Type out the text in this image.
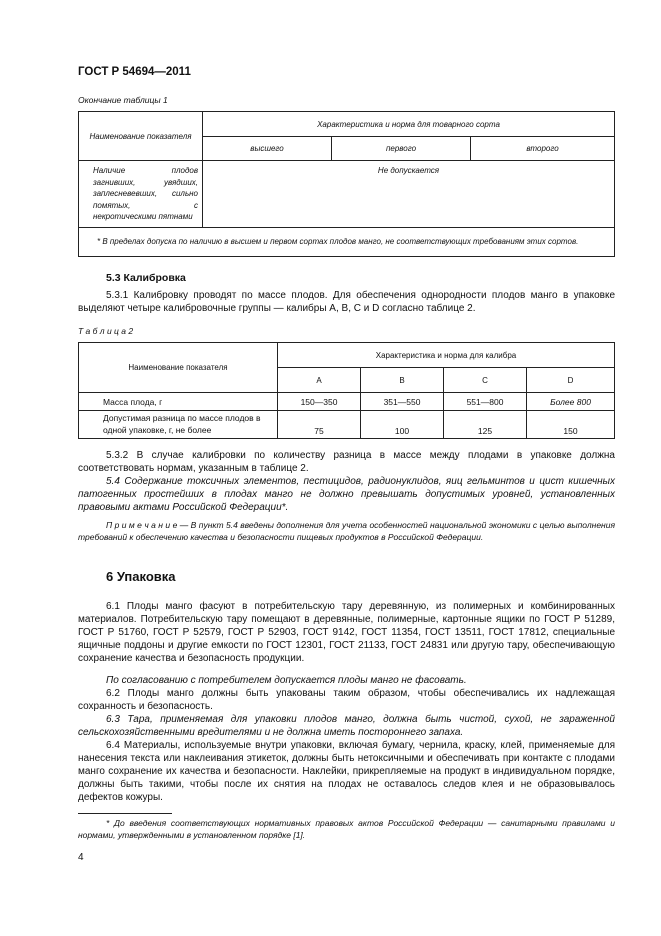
ГОСТ Р 54694—2011
Окончание таблицы 1
Наименование показателя	Характеристика и норма для товарного сорта		
	высшего	первого	второго
Наличие плодов загнивших, увядших, заплесневевших, сильно помятых, с некротическими пятнами	Не допускается		
* В пределах допуска по наличию в высшем и первом сортах плодов манго, не соответствующих требованиям этих сортов.			
5.3 Калибровка
5.3.1 Калибровку проводят по массе плодов. Для обеспечения однородности плодов манго в упаковке выделяют четыре калибровочные группы — калибры A, B, C и D согласно таблице 2.
Т а б л и ц а 2
Наименование показателя	Характеристика и норма для калибра			
	A	B	C	D
Масса плода, г	150—350	351—550	551—800	Более 800
Допустимая разница по массе плодов в одной упаковке, г, не более	75	100	125	150
5.3.2 В случае калибровки по количеству разница в массе между плодами в упаковке должна соответствовать нормам, указанным в таблице 2.
5.4 Содержание токсичных элементов, пестицидов, радионуклидов, яиц гельминтов и цист кишечных патогенных простейших в плодах манго не должно превышать допустимых уровней, установленных правовыми актами Российской Федерации*.
П р и м е ч а н и е — В пункт 5.4 введены дополнения для учета особенностей национальной экономики с целью выполнения требований к обеспечению качества и безопасности пищевых продуктов в Российской Федерации.
6 Упаковка
6.1 Плоды манго фасуют в потребительскую тару деревянную, из полимерных и комбинированных материалов. Потребительскую тару помещают в деревянные, полимерные, картонные ящики по ГОСТ Р 51289, ГОСТ Р 51760, ГОСТ Р 52579, ГОСТ Р 52903, ГОСТ 9142, ГОСТ 11354, ГОСТ 13511, ГОСТ 17812, специальные ящичные поддоны и другие емкости по ГОСТ 12301, ГОСТ 21133, ГОСТ 24831 или другую тару, обеспечивающую сохранение качества и безопасность продукции.
По согласованию с потребителем допускается плоды манго не фасовать.
6.2 Плоды манго должны быть упакованы таким образом, чтобы обеспечивались их надлежащая сохранность и безопасность.
6.3 Тара, применяемая для упаковки плодов манго, должна быть чистой, сухой, не зараженной сельскохозяйственными вредителями и не должна иметь постороннего запаха.
6.4 Материалы, используемые внутри упаковки, включая бумагу, чернила, краску, клей, применяемые для нанесения текста или наклеивания этикеток, должны быть нетоксичными и обеспечивать при контакте с плодами манго сохранение их качества и безопасности. Наклейки, прикрепляемые на продукт в индивидуальном порядке, должны быть такими, чтобы после их снятия на плодах не оставалось следов клея и не образовывалось дефектов кожуры.
* До введения соответствующих нормативных правовых актов Российской Федерации — санитарными правилами и нормами, утвержденными в установленном порядке [1].
4
